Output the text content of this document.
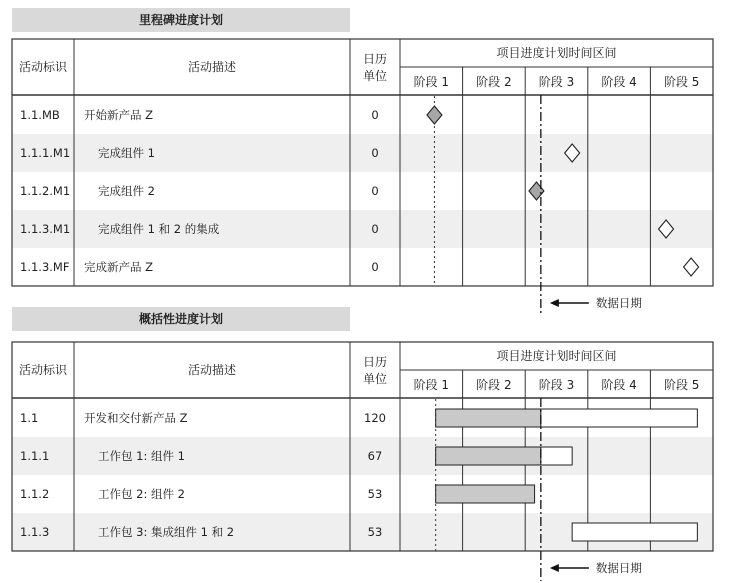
里程碑进度计划
概括性进度计划
活动标识	活动描述
日历
单位
项目进度计划时间区间
阶段 1 阶段 2 阶段 3 阶段 4 阶段 5
1.1.MB 开始新产品 Z	0
1.1.1.M1 完成组件 1	0
1.1.2.M1 完成组件 2	0
1.1.3.M1 完成组件 1 和 2 的集成	0
1.1.3.MF 完成新产品 Z	0
数据日期
活动标识	活动描述
日历
单位
项目进度计划时间区间
阶段 1 阶段 2 阶段 3 阶段 4 阶段 5
1.1	开发和交付新产品 Z	120
1.1.1	工作包 1: 组件 1	67
1.1.2	工作包 2: 组件 2	53
1.1.3	工作包 3: 集成组件 1 和 2	53
数据日期
